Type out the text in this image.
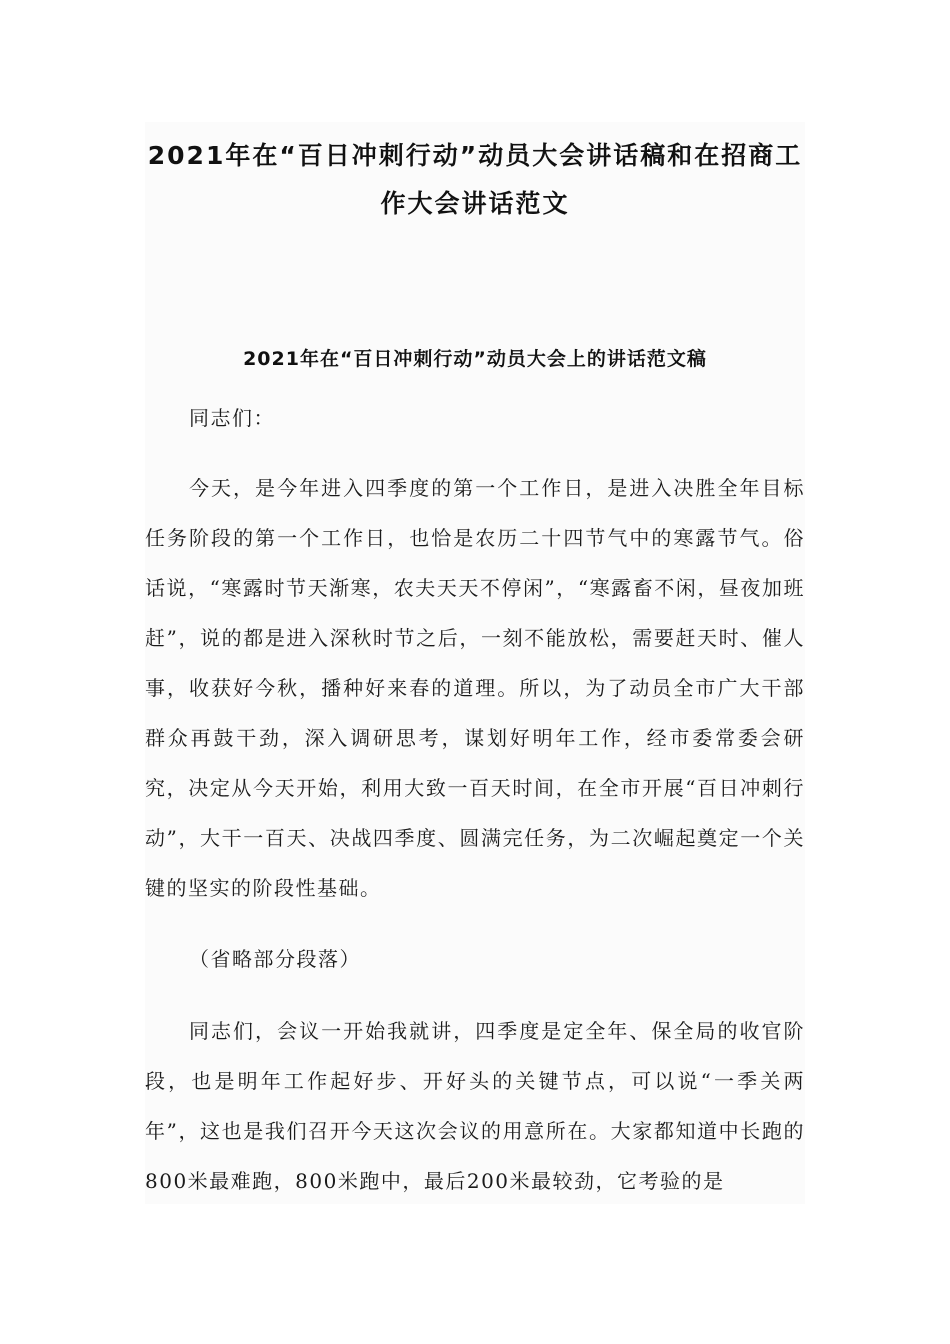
2021年在“百日冲刺行动”动员大会讲话稿和在招商工作大会讲话范文
2021年在“百日冲刺行动”动员大会上的讲话范文稿

同志们：

今天，是今年进入四季度的第一个工作日，是进入决胜全年目标任务阶段的第一个工作日，也恰是农历二十四节气中的寒露节气。俗话说，“寒露时节天渐寒，农夫天天不停闲”，“寒露畜不闲，昼夜加班赶”，说的都是进入深秋时节之后，一刻不能放松，需要赶天时、催人事，收获好今秋，播种好来春的道理。所以，为了动员全市广大干部群众再鼓干劲，深入调研思考，谋划好明年工作，经市委常委会研究，决定从今天开始，利用大致一百天时间，在全市开展“百日冲刺行动”，大干一百天、决战四季度、圆满完任务，为二次崛起奠定一个关键的坚实的阶段性基础。

（省略部分段落）

同志们，会议一开始我就讲，四季度是定全年、保全局的收官阶段，也是明年工作起好步、开好头的关键节点，可以说“一季关两年”，这也是我们召开今天这次会议的用意所在。大家都知道中长跑的800米最难跑，800米跑中，最后200米最较劲，它考验的是
